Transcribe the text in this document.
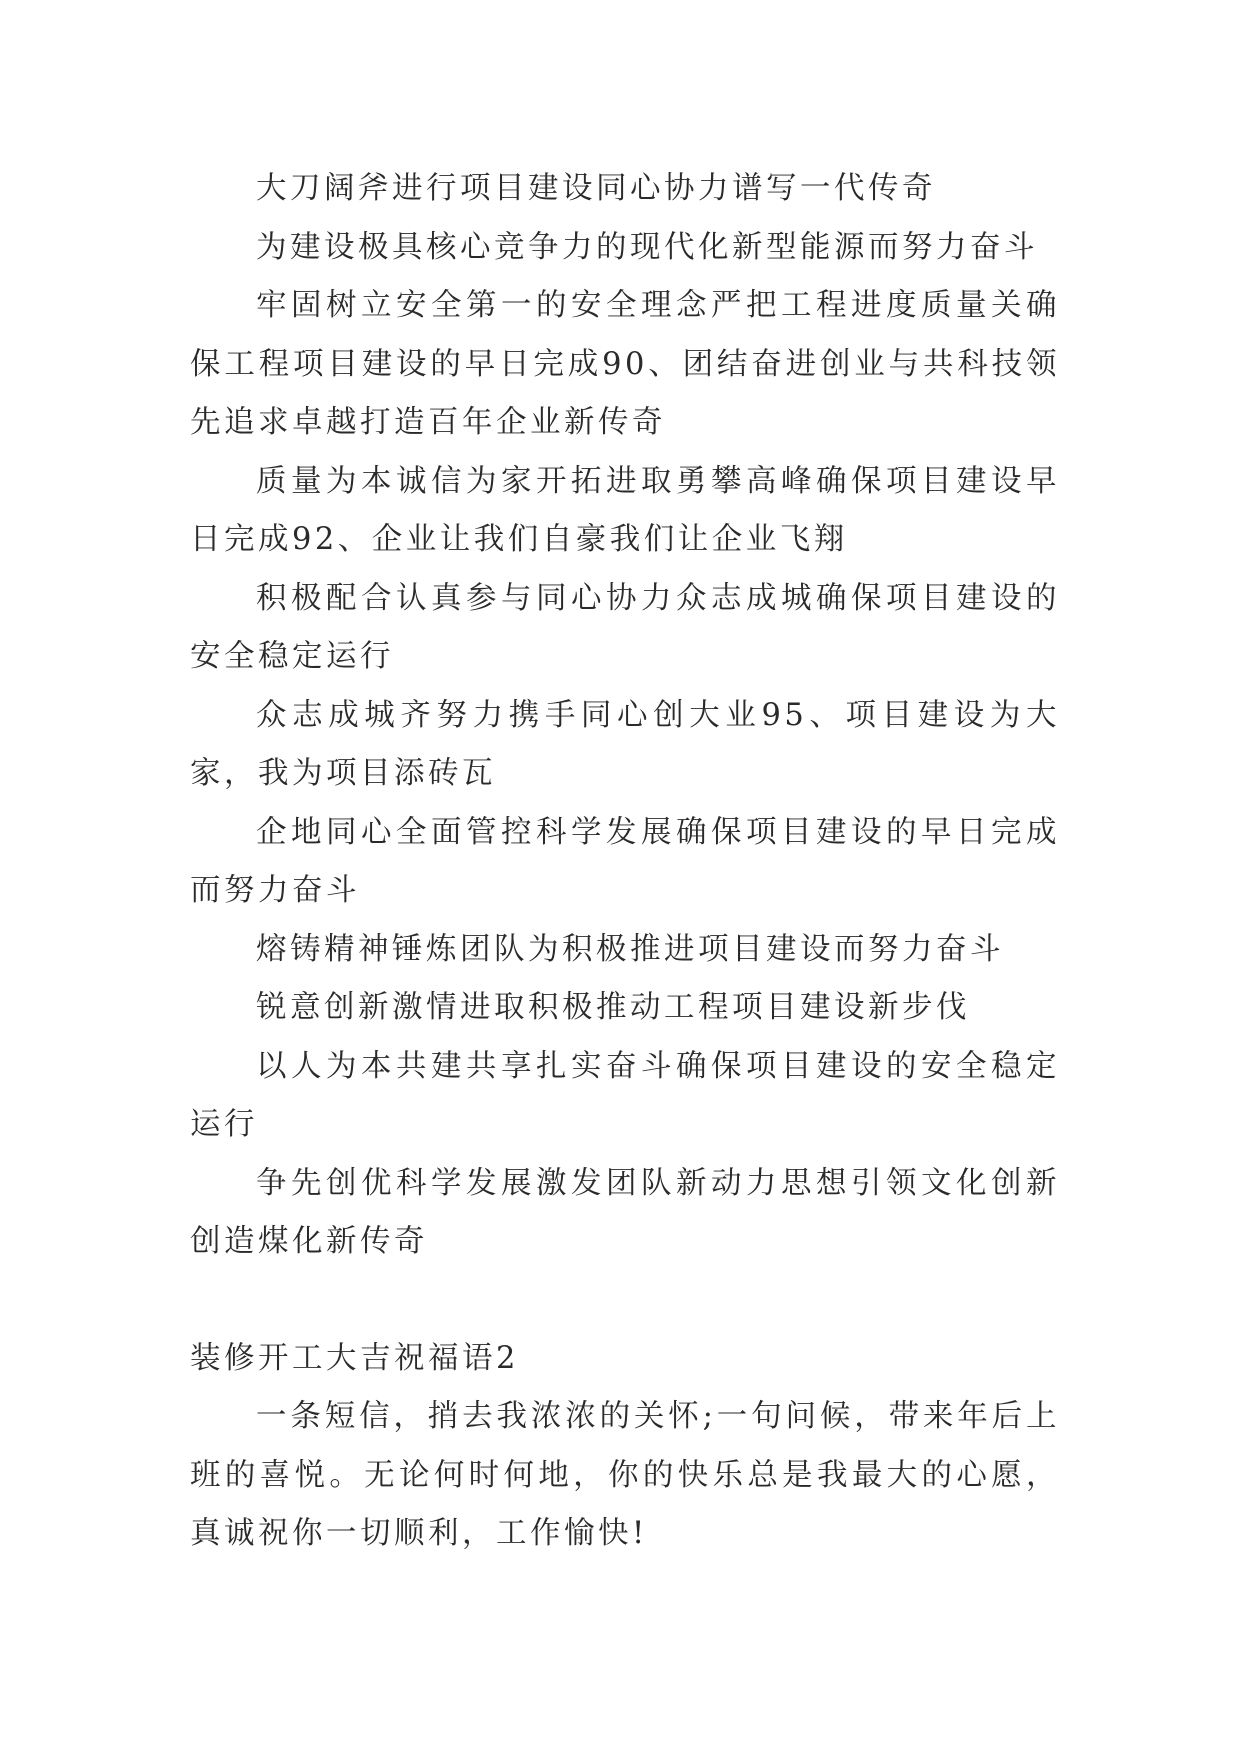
大刀阔斧进行项目建设同心协力谱写一代传奇

为建设极具核心竞争力的现代化新型能源而努力奋斗

牢固树立安全第一的安全理念严把工程进度质量关确保工程项目建设的早日完成90、团结奋进创业与共科技领先追求卓越打造百年企业新传奇

质量为本诚信为家开拓进取勇攀高峰确保项目建设早日完成92、企业让我们自豪我们让企业飞翔

积极配合认真参与同心协力众志成城确保项目建设的安全稳定运行

众志成城齐努力携手同心创大业95、项目建设为大家，我为项目添砖瓦

企地同心全面管控科学发展确保项目建设的早日完成而努力奋斗

熔铸精神锤炼团队为积极推进项目建设而努力奋斗

锐意创新激情进取积极推动工程项目建设新步伐

以人为本共建共享扎实奋斗确保项目建设的安全稳定运行

争先创优科学发展激发团队新动力思想引领文化创新创造煤化新传奇

装修开工大吉祝福语2

一条短信，捎去我浓浓的关怀;一句问候，带来年后上班的喜悦。无论何时何地，你的快乐总是我最大的心愿，真诚祝你一切顺利，工作愉快!
